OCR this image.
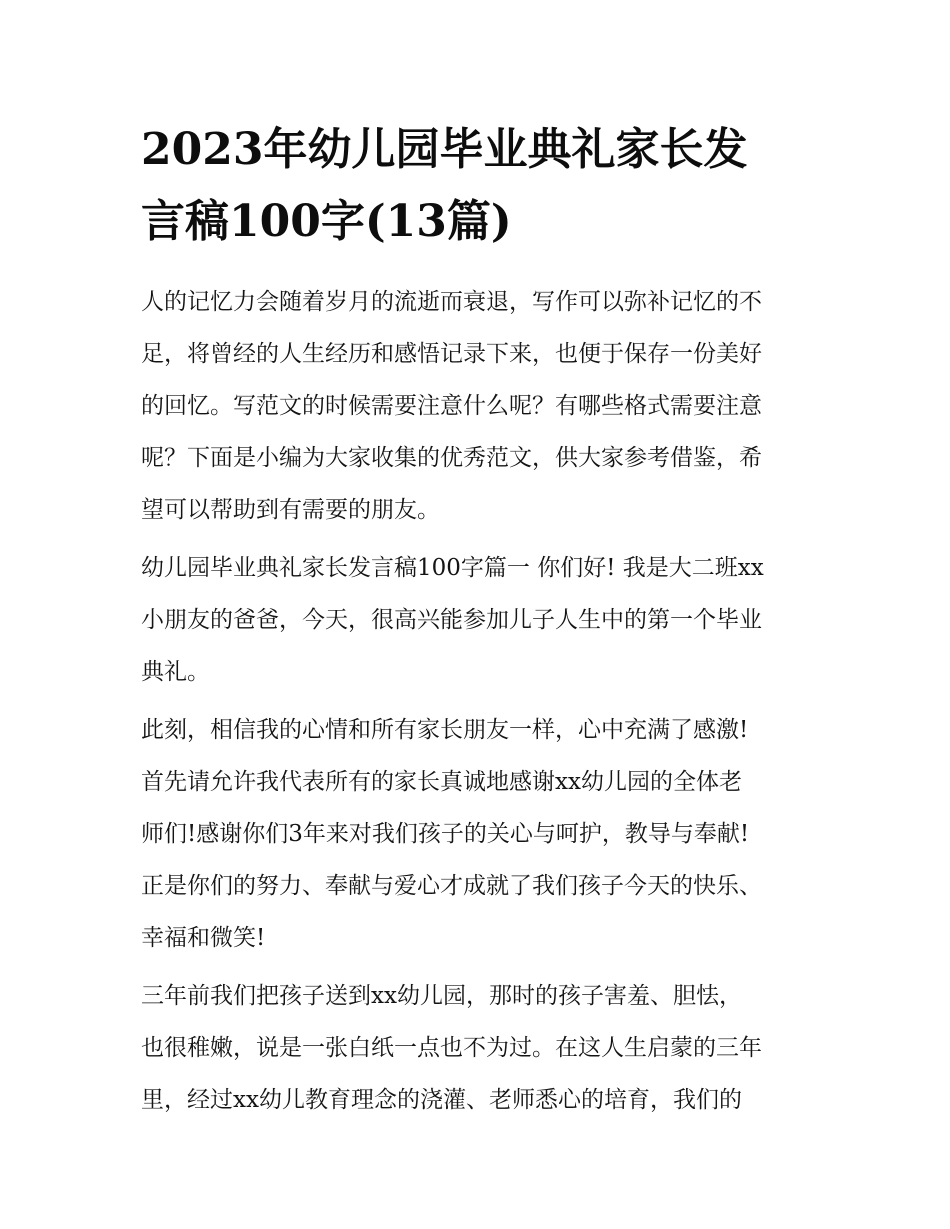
2023年幼儿园毕业典礼家长发
言稿100字(13篇)

人的记忆力会随着岁月的流逝而衰退，写作可以弥补记忆的不
足，将曾经的人生经历和感悟记录下来，也便于保存一份美好
的回忆。写范文的时候需要注意什么呢？有哪些格式需要注意
呢？下面是小编为大家收集的优秀范文，供大家参考借鉴，希
望可以帮助到有需要的朋友。

幼儿园毕业典礼家长发言稿100字篇一 你们好! 我是大二班xx
小朋友的爸爸，今天，很高兴能参加儿子人生中的第一个毕业
典礼。

此刻，相信我的心情和所有家长朋友一样，心中充满了感激!
首先请允许我代表所有的家长真诚地感谢xx幼儿园的全体老
师们!感谢你们3年来对我们孩子的关心与呵护，教导与奉献!
正是你们的努力、奉献与爱心才成就了我们孩子今天的快乐、
幸福和微笑!

三年前我们把孩子送到xx幼儿园，那时的孩子害羞、胆怯，
也很稚嫩，说是一张白纸一点也不为过。在这人生启蒙的三年
里，经过xx幼儿教育理念的浇灌、老师悉心的培育，我们的
